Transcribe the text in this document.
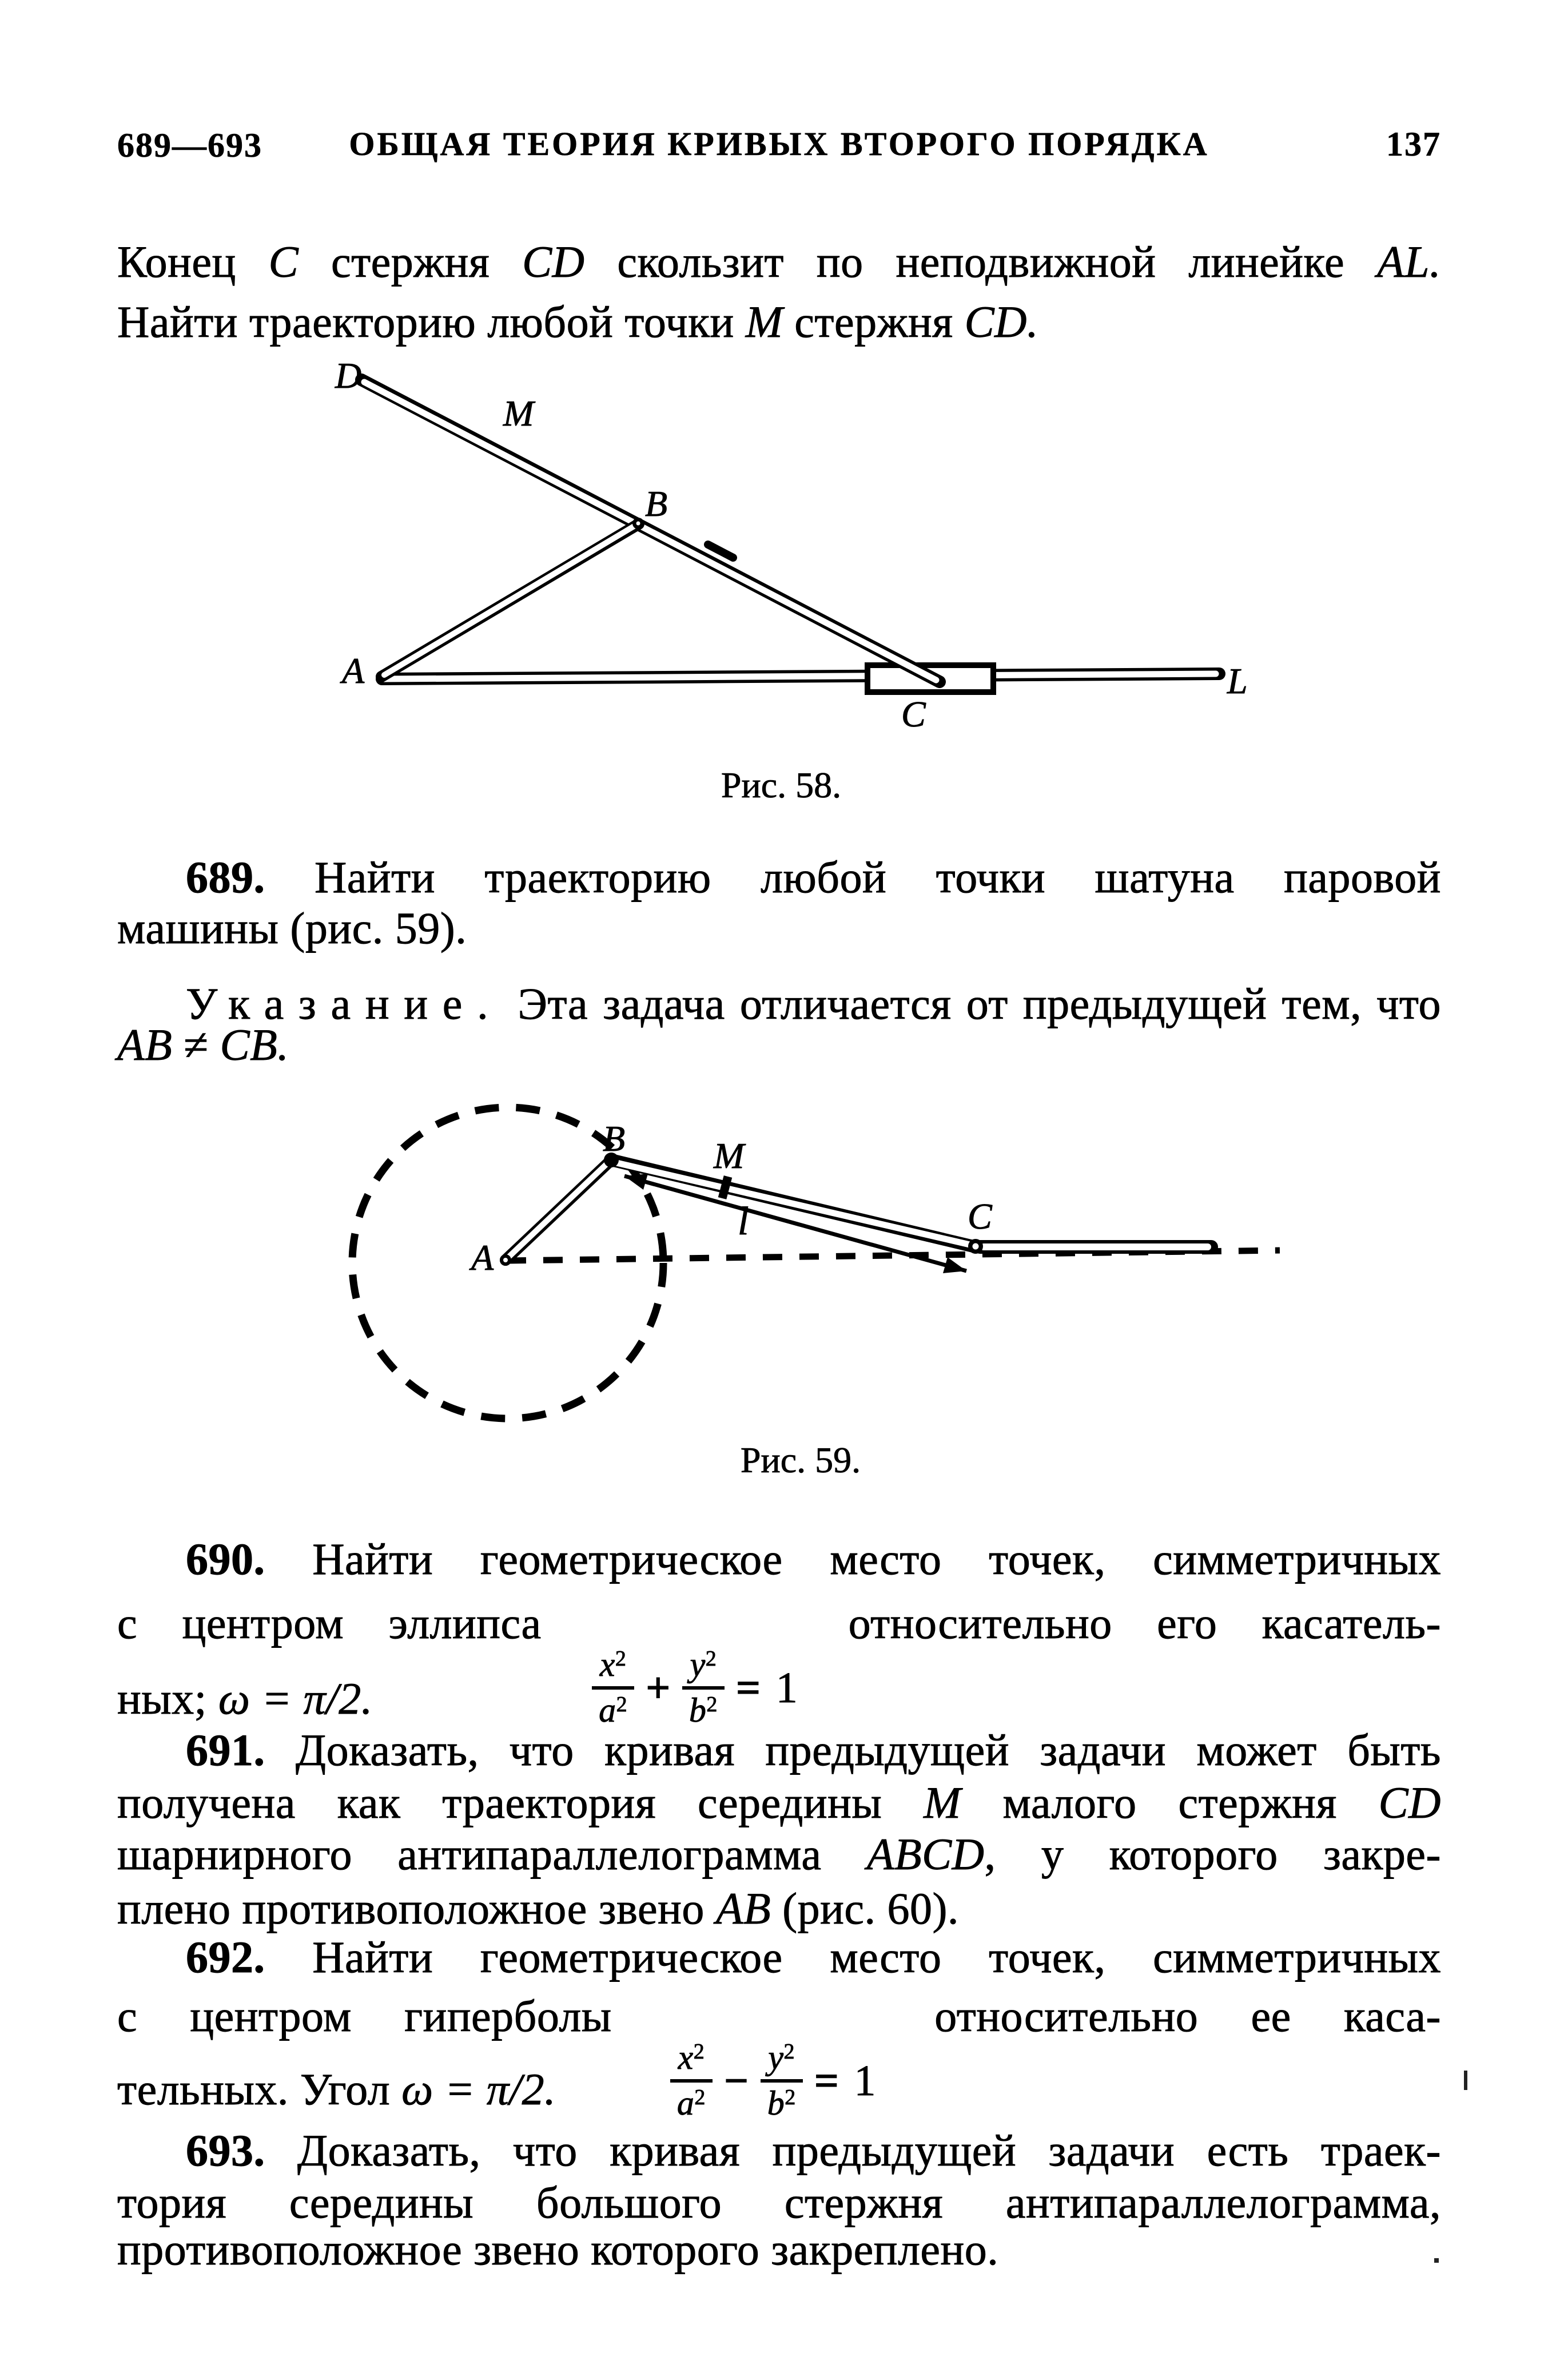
689—693	ОБЩАЯ ТЕОРИЯ КРИВЫХ ВТОРОГО ПОРЯДКА	137
Конец C стержня CD скользит по неподвижной линейке AL.
Найти траекторию любой точки M стержня CD.
D
M
B
A
C
L
Рис. 58.
689. Найти траекторию любой точки шатуна паровой
машины (рис. 59).
Указание. Эта задача отличается от предыдущей тем, что
AB ≠ CB.
B M
l
A
C
Рис. 59.
690. Найти геометрическое место точек, симметричных
с центром эллипса
$x^2$
$a^2 + \frac{y^2}{b^2} = 1$
относительно его касатель-
ных; ω = π/2.
691. Доказать, что кривая предыдущей задачи может быть
получена как траектория середины M малого стержня CD
шарнирного антипараллелограмма ABCD, у которого закре-
плено противоположное звено AB (рис. 60).
692. Найти геометрическое место точек, симметричных
с центром гиперболы
$x^2$
$a^2 - \frac{y^2}{b^2} = 1$
относительно ее каса-
тельных. Угол ω = π/2.
693. Доказать, что кривая предыдущей задачи есть траек-
тория середины большого стержня антипараллелограмма,
противоположное звено которого закреплено.
